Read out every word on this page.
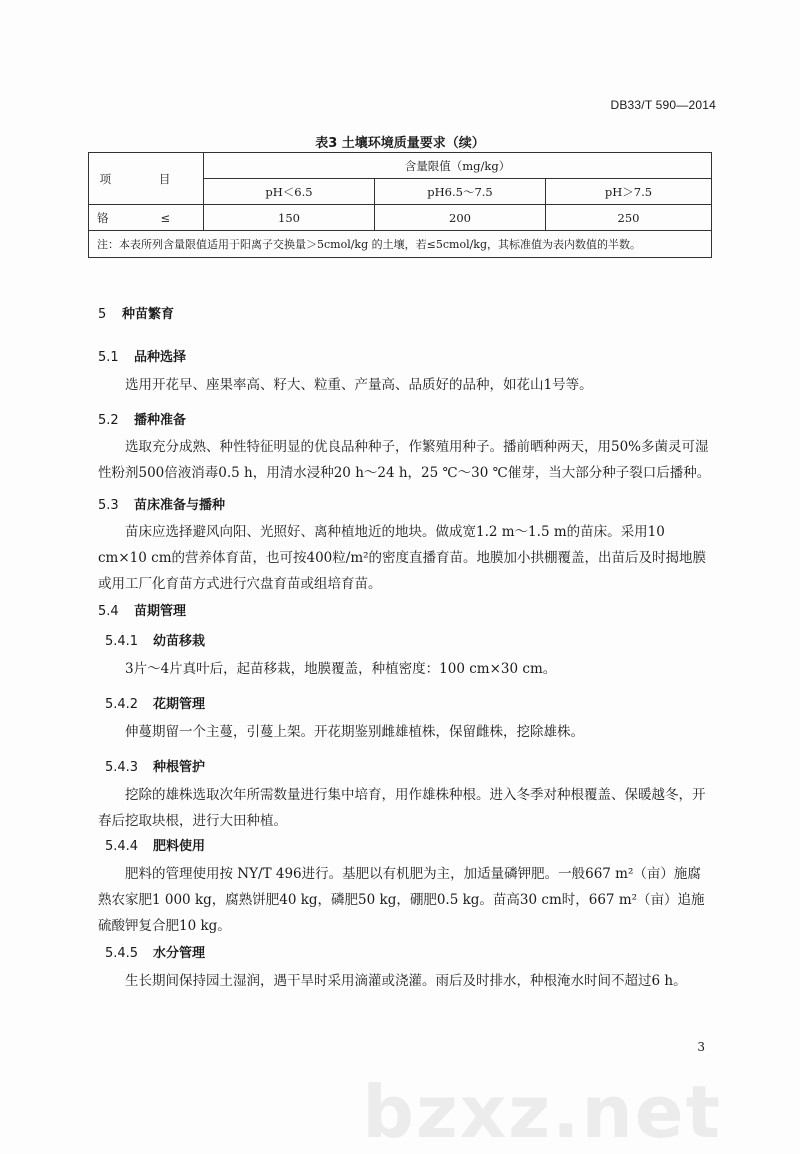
DB33/T 590—2014
表3 土壤环境质量要求（续）
项 目	含量限值（mg/kg）		
	pH＜6.5	pH6.5～7.5	pH＞7.5
铬 ≤	150	200	250
注：本表所列含量限值适用于阳离子交换量＞5cmol/kg 的土壤，若≤5cmol/kg，其标准值为表内数值的半数。			
5 种苗繁育
5.1 品种选择
选用开花早、座果率高、籽大、粒重、产量高、品质好的品种，如花山1号等。
5.2 播种准备
选取充分成熟、种性特征明显的优良品种种子，作繁殖用种子。播前晒种两天，用50%多菌灵可湿性粉剂500倍液消毒0.5 h，用清水浸种20 h～24 h，25 ℃～30 ℃催芽，当大部分种子裂口后播种。
5.3 苗床准备与播种
苗床应选择避风向阳、光照好、离种植地近的地块。做成宽1.2 m～1.5 m的苗床。采用10 cm×10 cm的营养体育苗，也可按400粒/m²的密度直播育苗。地膜加小拱棚覆盖，出苗后及时揭地膜或用工厂化育苗方式进行穴盘育苗或组培育苗。
5.4 苗期管理
5.4.1 幼苗移栽
3片～4片真叶后，起苗移栽，地膜覆盖，种植密度：100 cm×30 cm。
5.4.2 花期管理
伸蔓期留一个主蔓，引蔓上架。开花期鉴别雌雄植株，保留雌株，挖除雄株。
5.4.3 种根管护
挖除的雄株选取次年所需数量进行集中培育，用作雄株种根。进入冬季对种根覆盖、保暖越冬，开春后挖取块根，进行大田种植。
5.4.4 肥料使用
肥料的管理使用按 NY/T 496进行。基肥以有机肥为主，加适量磷钾肥。一般667 m²（亩）施腐熟农家肥1 000 kg，腐熟饼肥40 kg，磷肥50 kg，硼肥0.5 kg。苗高30 cm时，667 m²（亩）追施硫酸钾复合肥10 kg。
5.4.5 水分管理
生长期间保持园土湿润，遇干旱时采用滴灌或浇灌。雨后及时排水，种根淹水时间不超过6 h。
bzxz.net
3
